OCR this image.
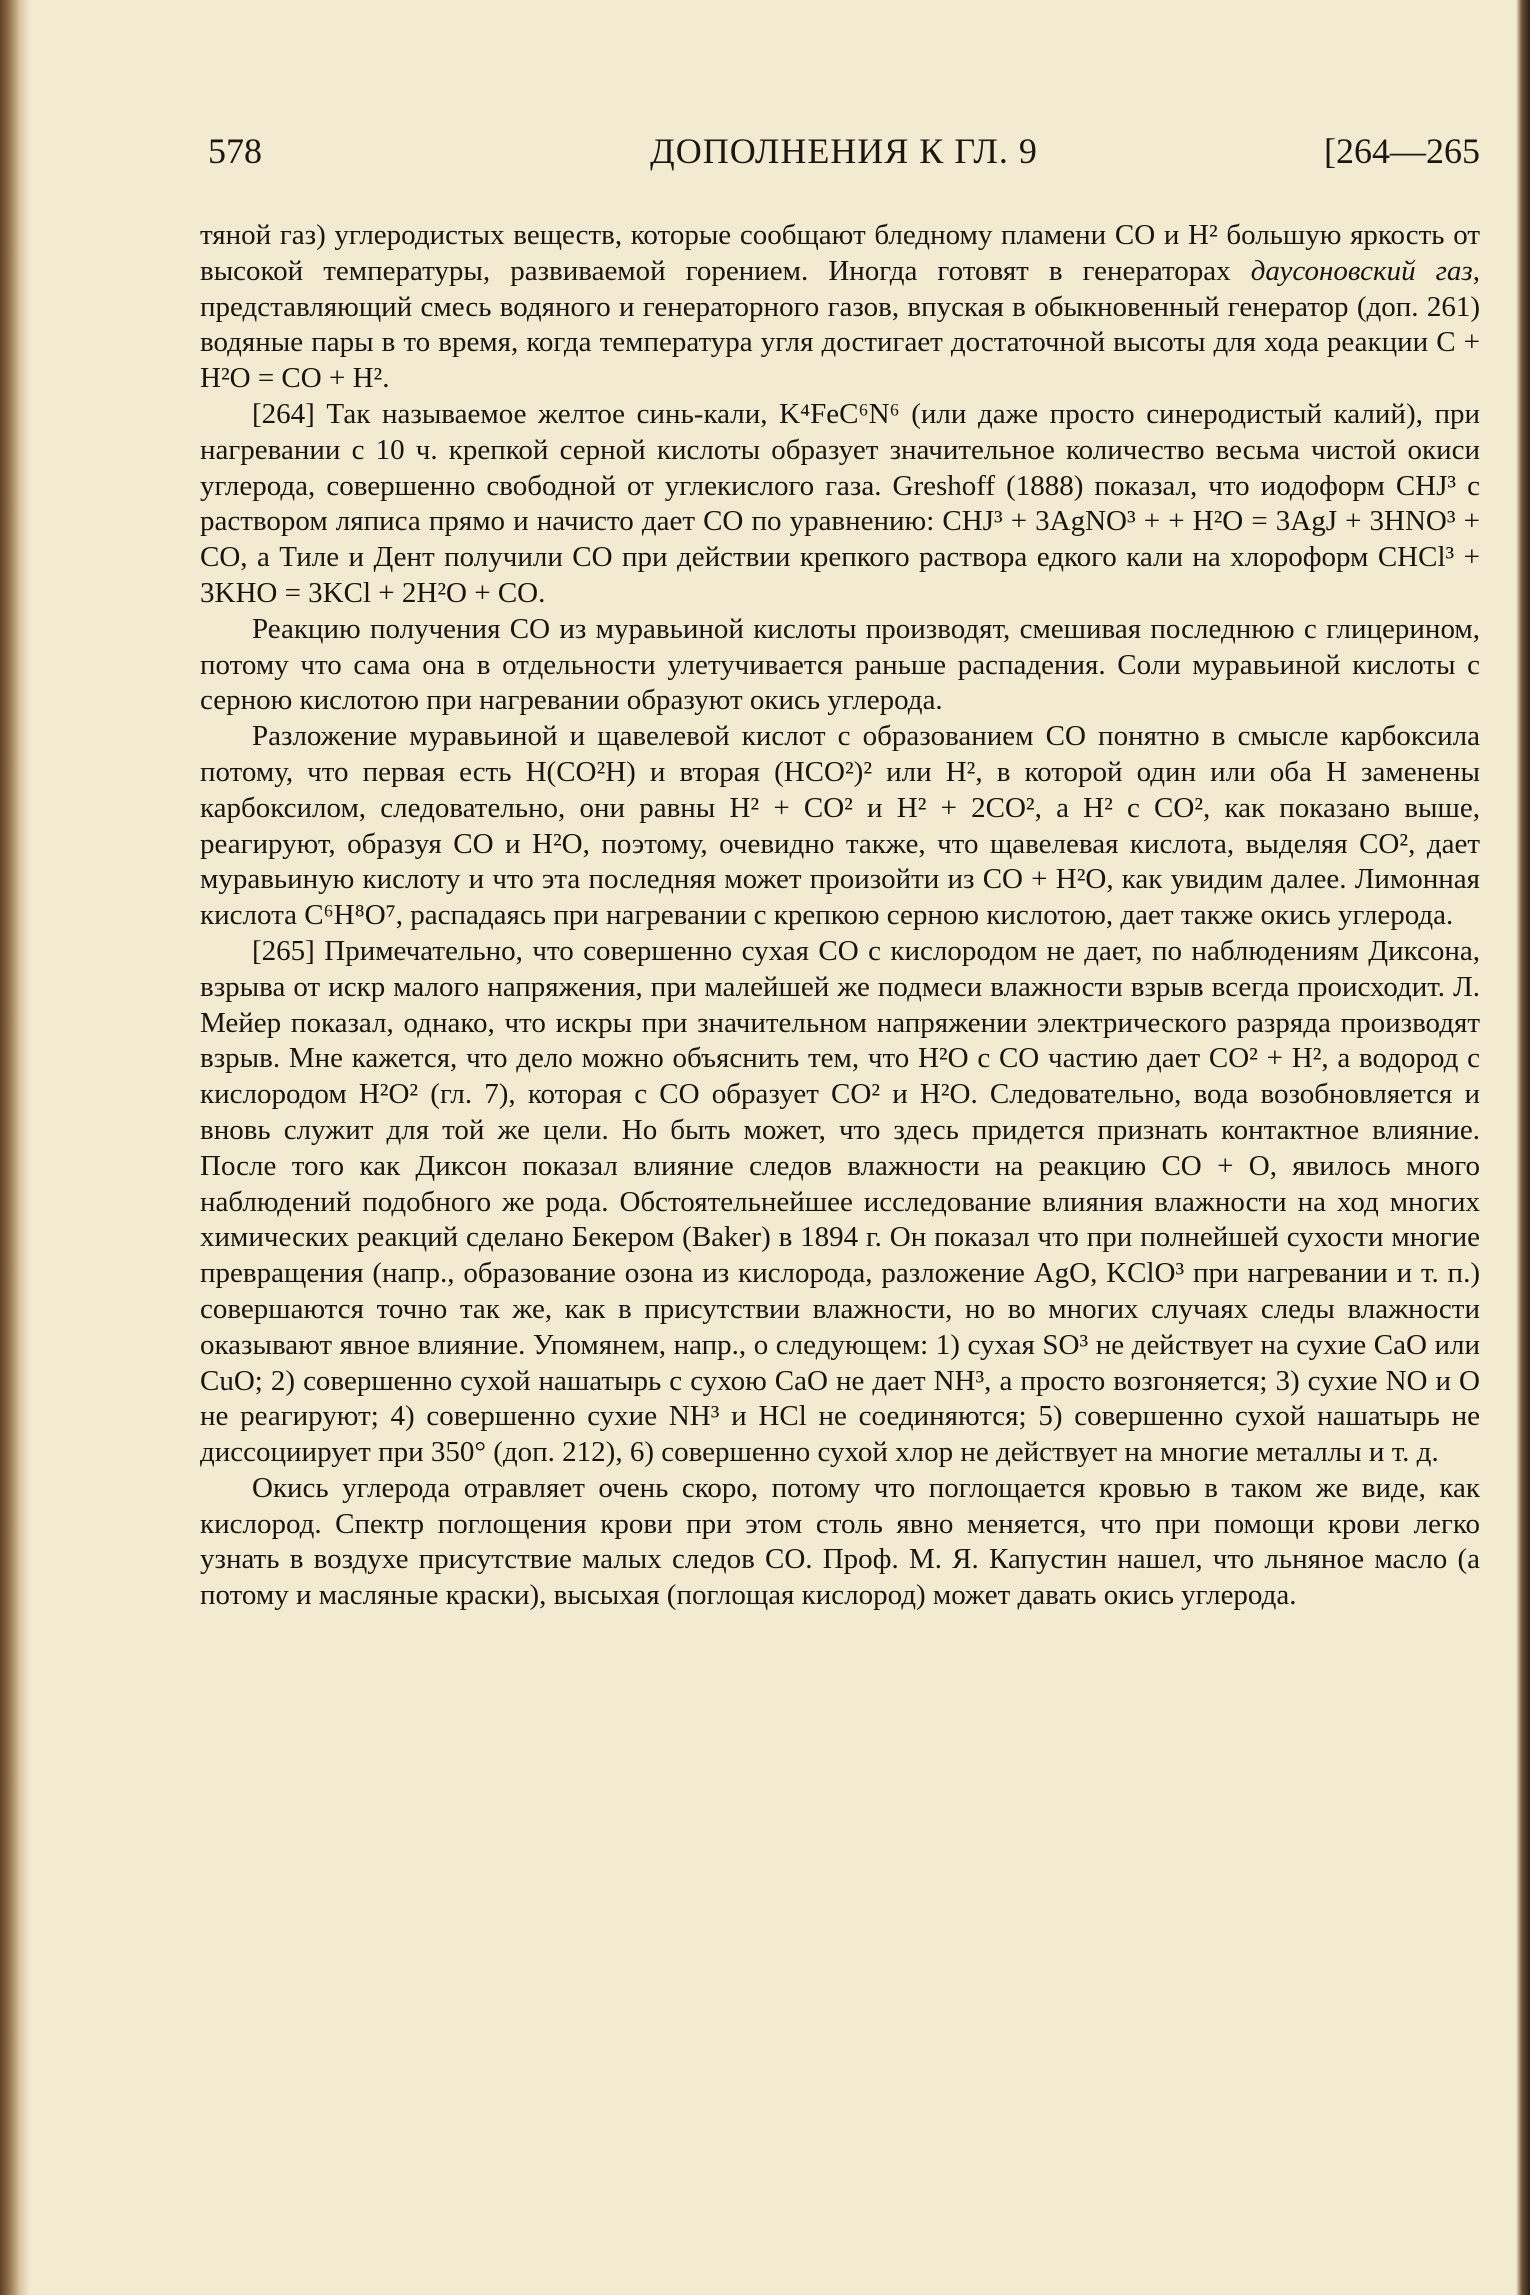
578	ДОПОЛНЕНИЯ К ГЛ. 9	[264—265

тяной газ) углеродистых веществ, которые сообщают бледному пламени CO и H² большую яркость от высокой температуры, развиваемой горением. Иногда готовят в генераторах даусоновский газ, представляющий смесь водяного и генераторного газов, впуская в обыкновенный генератор (доп. 261) водяные пары в то время, когда температура угля достигает достаточной высоты для хода реакции C + H²O = CO + H².

[264] Так называемое желтое синь-кали, K⁴FeC⁶N⁶ (или даже просто синеродистый калий), при нагревании с 10 ч. крепкой серной кислоты образует значительное количество весьма чистой окиси углерода, совершенно свободной от углекислого газа. Greshoff (1888) показал, что иодоформ CHJ³ с раствором ляписа прямо и начисто дает CO по уравнению: CHJ³ + 3AgNO³ + + H²O = 3AgJ + 3HNO³ + CO, а Тиле и Дент получили CO при действии крепкого раствора едкого кали на хлороформ CHCl³ + 3KHO = 3KCl + 2H²O + CO.

Реакцию получения CO из муравьиной кислоты производят, смешивая последнюю с глицерином, потому что сама она в отдельности улетучивается раньше распадения. Соли муравьиной кислоты с серною кислотою при нагревании образуют окись углерода.

Разложение муравьиной и щавелевой кислот с образованием CO понятно в смысле карбоксила потому, что первая есть H(CO²H) и вторая (HCO²)² или H², в которой один или оба H заменены карбоксилом, следовательно, они равны H² + CO² и H² + 2CO², а H² с CO², как показано выше, реагируют, образуя CO и H²O, поэтому, очевидно также, что щавелевая кислота, выделяя CO², дает муравьиную кислоту и что эта последняя может произойти из CO + H²O, как увидим далее. Лимонная кислота C⁶H⁸O⁷, распадаясь при нагревании с крепкою серною кислотою, дает также окись углерода.

[265] Примечательно, что совершенно сухая CO с кислородом не дает, по наблюдениям Диксона, взрыва от искр малого напряжения, при малейшей же подмеси влажности взрыв всегда происходит. Л. Мейер показал, однако, что искры при значительном напряжении электрического разряда производят взрыв. Мне кажется, что дело можно объяснить тем, что H²O с CO частию дает CO² + H², а водород с кислородом H²O² (гл. 7), которая с CO образует CO² и H²O. Следовательно, вода возобновляется и вновь служит для той же цели. Но быть может, что здесь придется признать контактное влияние. После того как Диксон показал влияние следов влажности на реакцию CO + O, явилось много наблюдений подобного же рода. Обстоятельнейшее исследование влияния влажности на ход многих химических реакций сделано Бекером (Baker) в 1894 г. Он показал что при полнейшей сухости многие превращения (напр., образование озона из кислорода, разложение AgO, KClO³ при нагревании и т. п.) совершаются точно так же, как в присутствии влажности, но во многих случаях следы влажности оказывают явное влияние. Упомянем, напр., о следующем: 1) сухая SO³ не действует на сухие CaO или CuO; 2) совершенно сухой нашатырь с сухою CaO не дает NH³, а просто возгоняется; 3) сухие NO и O не реагируют; 4) совершенно сухие NH³ и HCl не соединяются; 5) совершенно сухой нашатырь не диссоциирует при 350° (доп. 212), 6) совершенно сухой хлор не действует на многие металлы и т. д.

Окись углерода отравляет очень скоро, потому что поглощается кровью в таком же виде, как кислород. Спектр поглощения крови при этом столь явно меняется, что при помощи крови легко узнать в воздухе присутствие малых следов CO. Проф. М. Я. Капустин нашел, что льняное масло (а потому и масляные краски), высыхая (поглощая кислород) может давать окись углерода.
